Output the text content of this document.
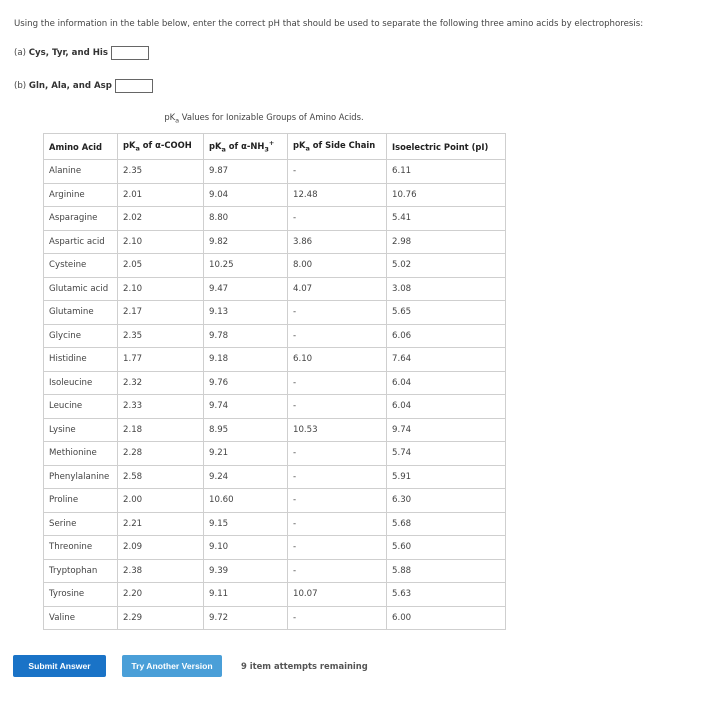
Using the information in the table below, enter the correct pH that should be used to separate the following three amino acids by electrophoresis:
(a) Cys, Tyr, and His
(b) Gln, Ala, and Asp
$pK_a$ Values for Ionizable Groups of Amino Acids.
Amino Acid	$pK_a$ of α-COOH	$pK_a$ of $\alpha-NH_3^+$	$pK_a$ of Side Chain	Isoelectric Point (pI)
Alanine	2.35	9.87	-	6.11
Arginine	2.01	9.04	12.48	10.76
Asparagine	2.02	8.80	-	5.41
Aspartic acid	2.10	9.82	3.86	2.98
Cysteine	2.05	10.25	8.00	5.02
Glutamic acid	2.10	9.47	4.07	3.08
Glutamine	2.17	9.13	-	5.65
Glycine	2.35	9.78	-	6.06
Histidine	1.77	9.18	6.10	7.64
Isoleucine	2.32	9.76	-	6.04
Leucine	2.33	9.74	-	6.04
Lysine	2.18	8.95	10.53	9.74
Methionine	2.28	9.21	-	5.74
Phenylalanine	2.58	9.24	-	5.91
Proline	2.00	10.60	-	6.30
Serine	2.21	9.15	-	5.68
Threonine	2.09	9.10	-	5.60
Tryptophan	2.38	9.39	-	5.88
Tyrosine	2.20	9.11	10.07	5.63
Valine	2.29	9.72	-	6.00
Submit Answer	Try Another Version	9 item attempts remaining
